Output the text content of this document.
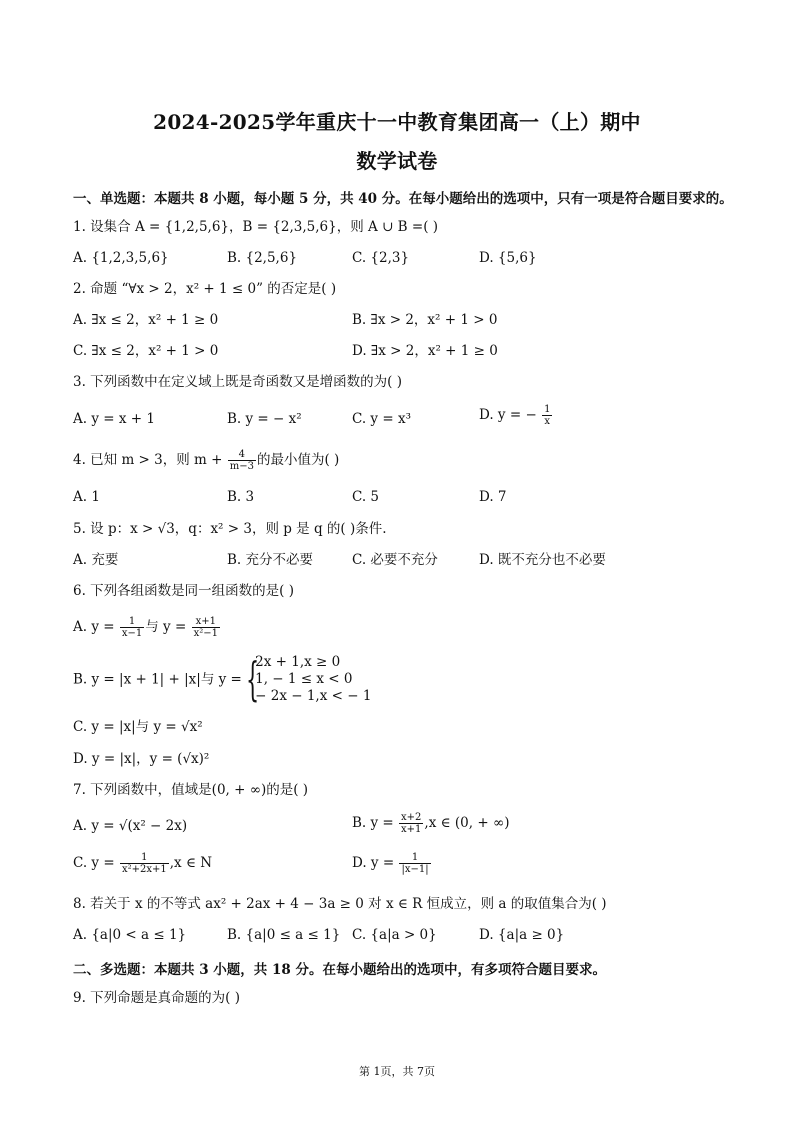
2024-2025学年重庆十一中教育集团高一（上）期中
数学试卷
一、单选题：本题共 8 小题，每小题 5 分，共 40 分。在每小题给出的选项中，只有一项是符合题目要求的。
1. 设集合 A = {1,2,5,6}，B = {2,3,5,6}，则 A ∪ B =( )
A. {1,2,3,5,6}	B. {2,5,6}	C. {2,3}	D. {5,6}
2. 命题 “∀x > 2，x² + 1 ≤ 0” 的否定是( )
A. ∃x ≤ 2，x² + 1 ≥ 0	B. ∃x > 2，x² + 1 > 0
C. ∃x ≤ 2，x² + 1 > 0	D. ∃x > 2，x² + 1 ≥ 0
3. 下列函数中在定义域上既是奇函数又是增函数的为( )
A. y = x + 1	B. y = − x²	C. y = x³	D. y = − $\frac{1}{x}$
4. 已知 m > 3，则 $m + \frac{4}{m-3}$ 的最小值为( )
A. 1	B. 3	C. 5	D. 7
5. 设 p：x > √3，q：x² > 3，则 p 是 q 的( )条件.
A. 充要	B. 充分不必要	C. 必要不充分	D. 既不充分也不必要
6. 下列各组函数是同一组函数的是( )
A. $y = \frac{1}{x-1}$ 与 $y = \frac{x+1}{\text{x²−1}}$
B. y = |x + 1| + |x|与 y = {
2x + 1,x ≥ 0
1, − 1 ≤ x < 0
− 2x − 1,x < − 1
C. y = |x|与 y = √x²
D. y = |x|，y = (√x)²
7. 下列函数中，值域是(0, + ∞)的是( )
A. y = √(x² − 2x)	B. $y = \frac{x+2}{x+1} ,x$ ∈ (0, + ∞)
C. $y = \frac{1}{\text{x²+2x+1}} ,x$ ∈ N	D. $y = \frac{1}{|x-1|}$
8. 若关于 x 的不等式 ax² + 2ax + 4 − 3a ≥ 0 对 x ∈ R 恒成立，则 a 的取值集合为( )
A. {a|0 < a ≤ 1}	B. {a|0 ≤ a ≤ 1} C. {a|a > 0}	D. {a|a ≥ 0}
二、多选题：本题共 3 小题，共 18 分。在每小题给出的选项中，有多项符合题目要求。
9. 下列命题是真命题的为( )
第 1页，共 7页
